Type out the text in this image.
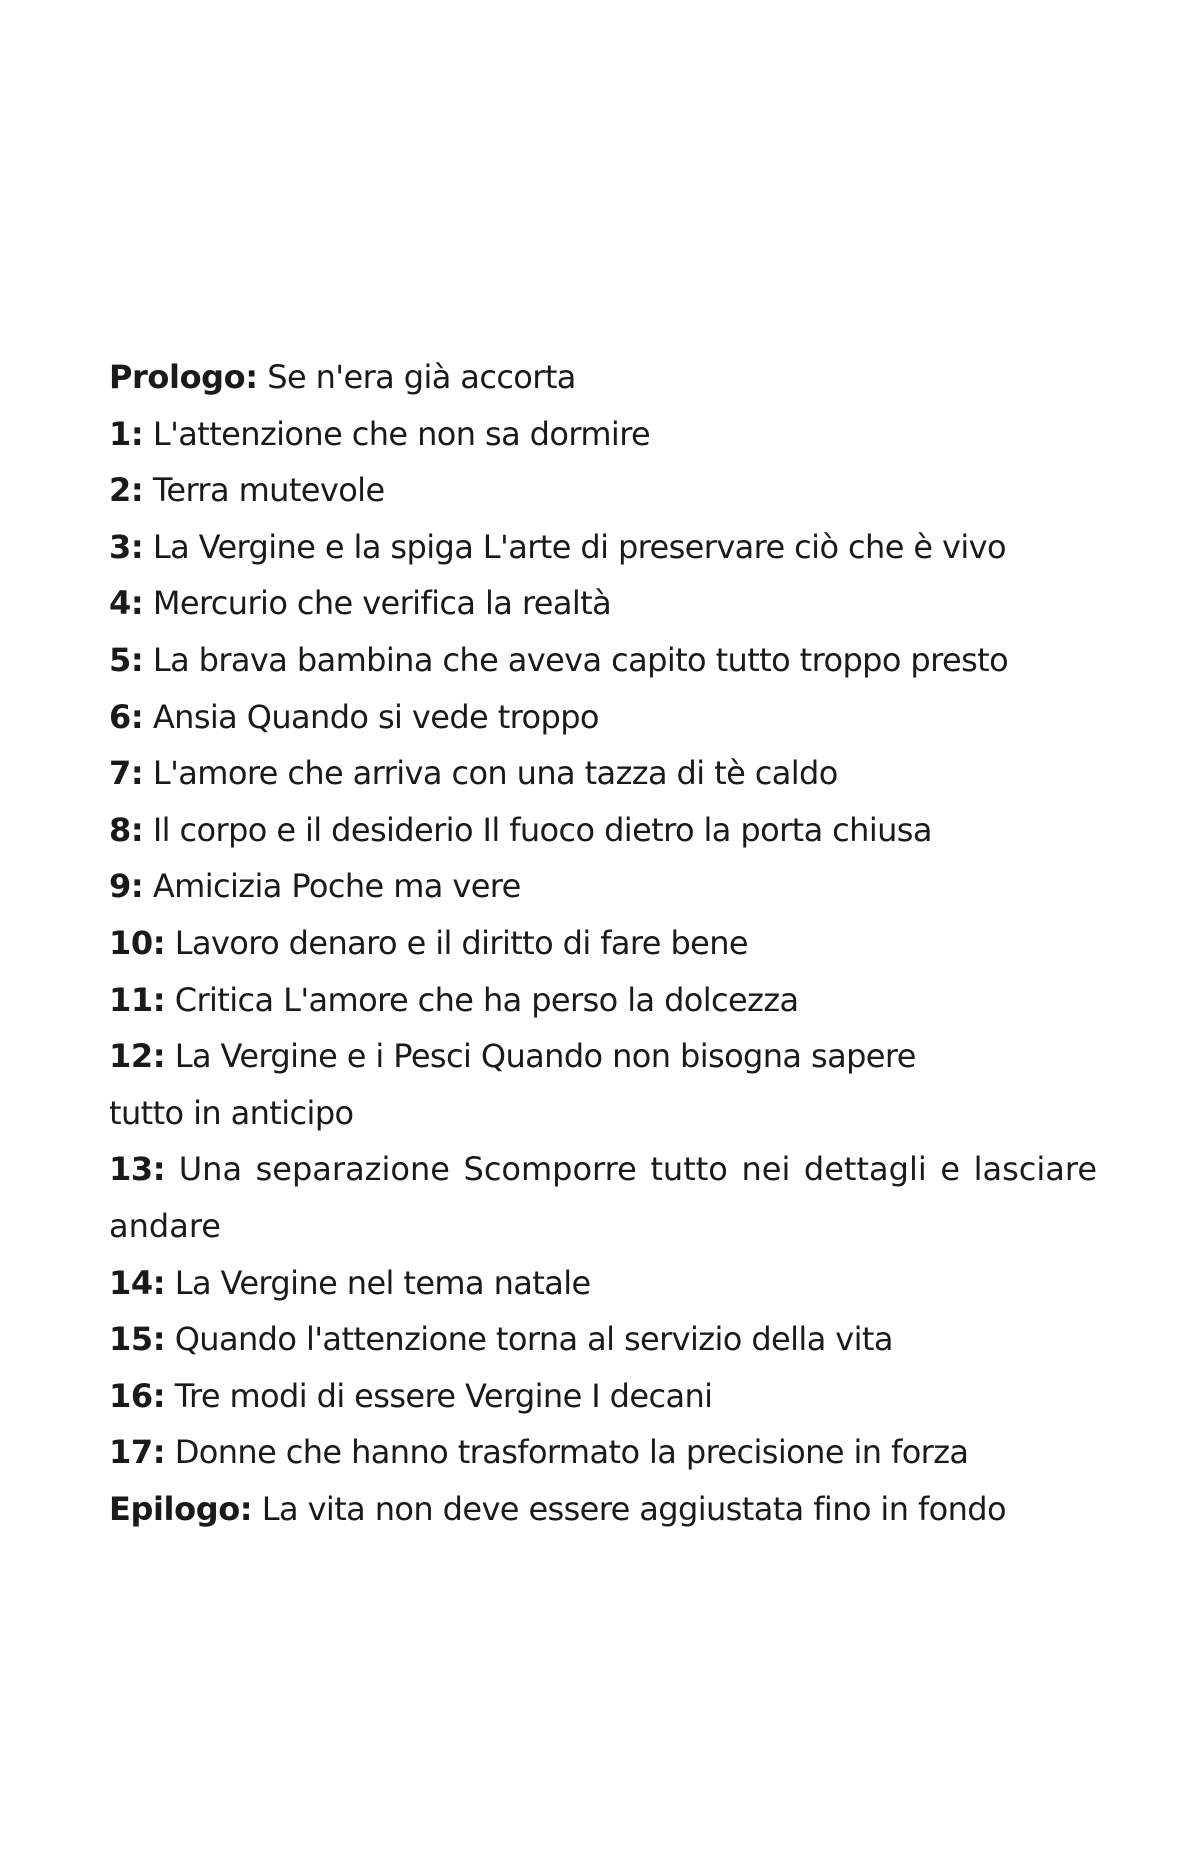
Prologo: Se n'era già accorta
1: L'attenzione che non sa dormire
2: Terra mutevole
3: La Vergine e la spiga L'arte di preservare ciò che è vivo
4: Mercurio che verifica la realtà
5: La brava bambina che aveva capito tutto troppo presto
6: Ansia Quando si vede troppo
7: L'amore che arriva con una tazza di tè caldo
8: Il corpo e il desiderio Il fuoco dietro la porta chiusa
9: Amicizia Poche ma vere
10: Lavoro denaro e il diritto di fare bene
11: Critica L'amore che ha perso la dolcezza
12: La Vergine e i Pesci Quando non bisogna sapere tutto in anticipo
13: Una separazione Scomporre tutto nei dettagli e lasciare andare
14: La Vergine nel tema natale
15: Quando l'attenzione torna al servizio della vita
16: Tre modi di essere Vergine I decani
17: Donne che hanno trasformato la precisione in forza
Epilogo: La vita non deve essere aggiustata fino in fondo
